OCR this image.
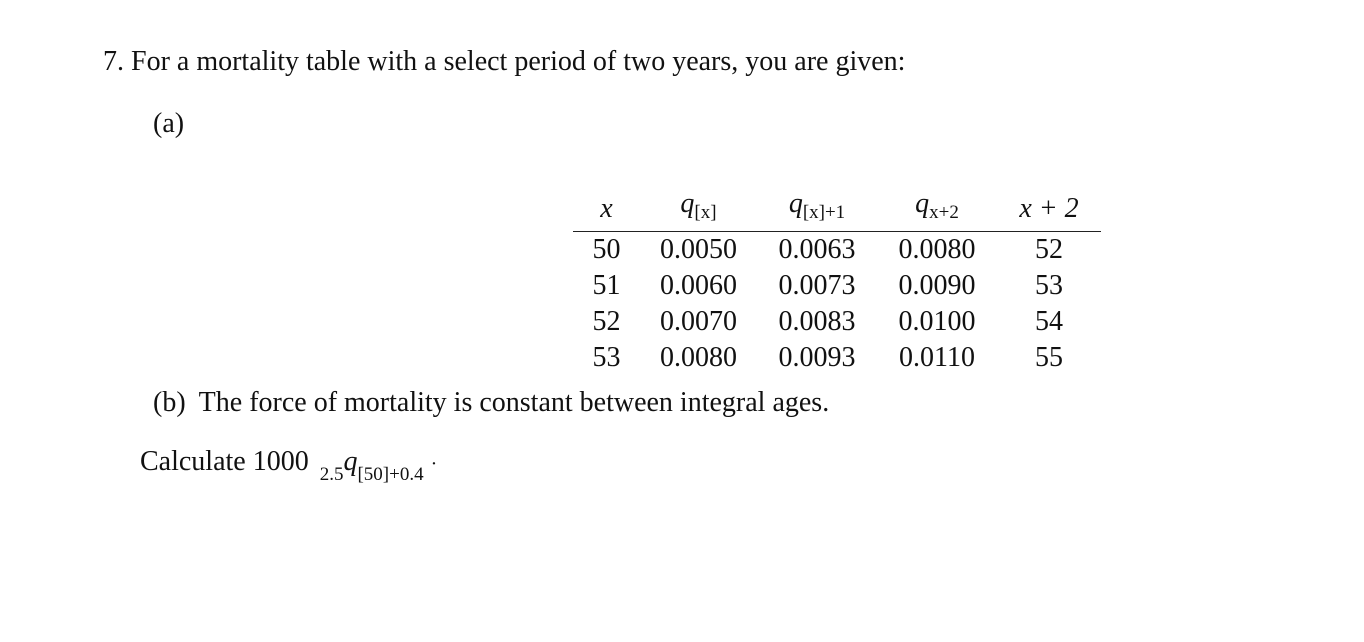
7. For a mortality table with a select period of two years, you are given:
(a)
x	$q_{[x]}$	$q_{[x]+1}$	$q_{x+2}$	x + 2
50	0.0050	0.0063	0.0080	52
51	0.0060	0.0073	0.0090	53
52	0.0070	0.0083	0.0100	54
53	0.0080	0.0093	0.0110	55
(b) The force of mortality is constant between integral ages.
Calculate 1000 $_{2.5}q_{[50]+0.4}$ ·
